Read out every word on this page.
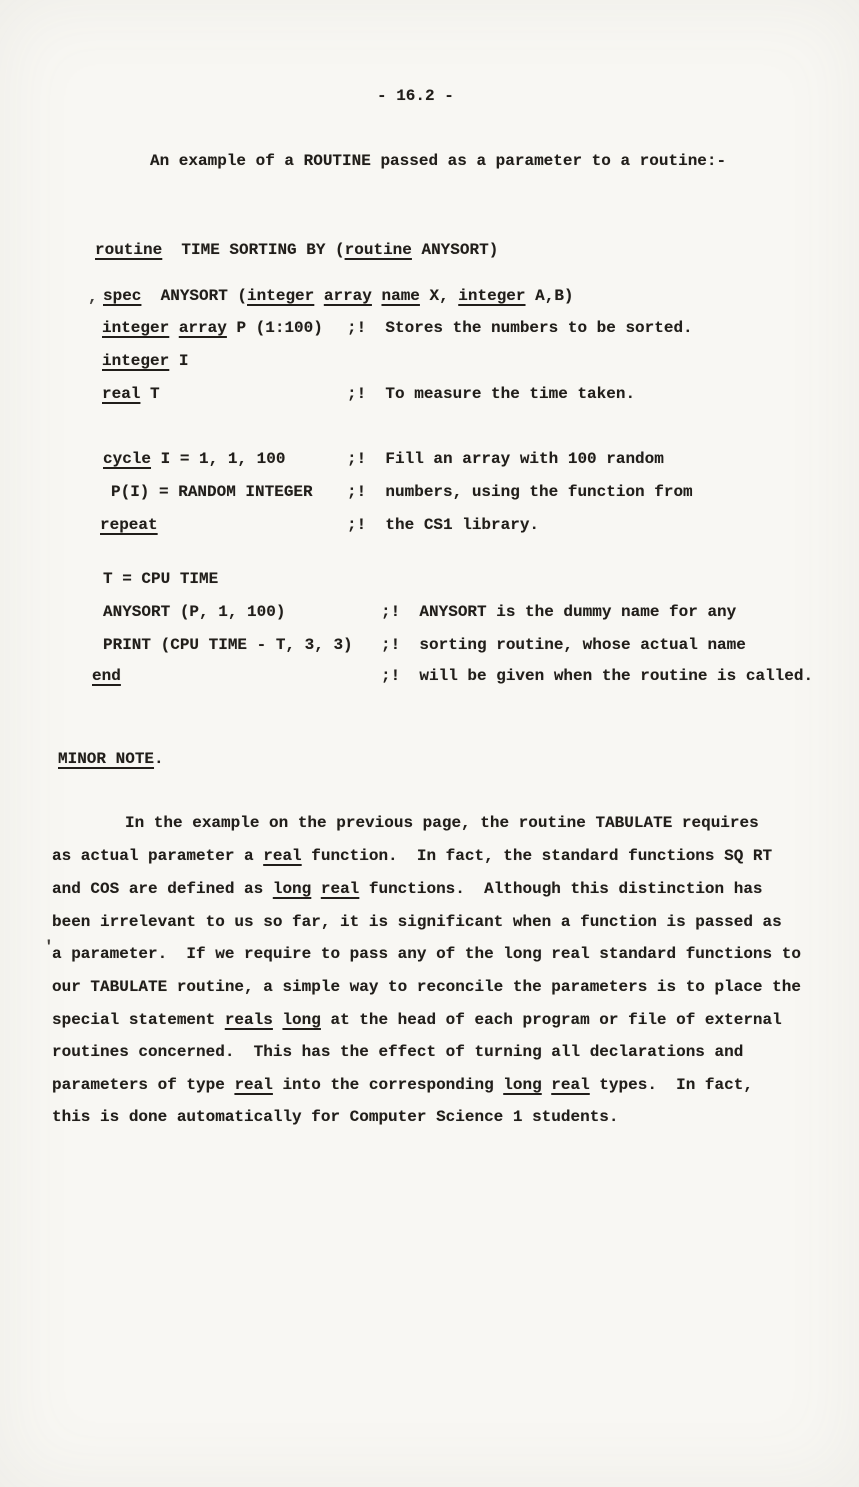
- 16.2 -
An example of a ROUTINE passed as a parameter to a routine:-
routine  TIME SORTING BY (routine ANYSORT)
spec  ANYSORT (integer array name X, integer A,B)
integer array P (1:100) ;!  Stores the numbers to be sorted.
integer I
real T	;!  To measure the time taken.
cycle I = 1, 1, 100	;!  Fill an array with 100 random
P(I) = RANDOM INTEGER ;!  numbers, using the function from
repeat	;!  the CS1 library.
T = CPU TIME
ANYSORT (P, 1, 100)	;!  ANYSORT is the dummy name for any
PRINT (CPU TIME - T, 3, 3) ;!  sorting routine, whose actual name
end	;!  will be given when the routine is called.
MINOR NOTE.
In the example on the previous page, the routine TABULATE requires
as actual parameter a real function.  In fact, the standard functions SQ RT
and COS are defined as long real functions.  Although this distinction has
been irrelevant to us so far, it is significant when a function is passed as
a parameter.  If we require to pass any of the long real standard functions to
our TABULATE routine, a simple way to reconcile the parameters is to place the
special statement reals long at the head of each program or file of external
routines concerned.  This has the effect of turning all declarations and
parameters of type real into the corresponding long real types.  In fact,
this is done automatically for Computer Science 1 students.
,
'
